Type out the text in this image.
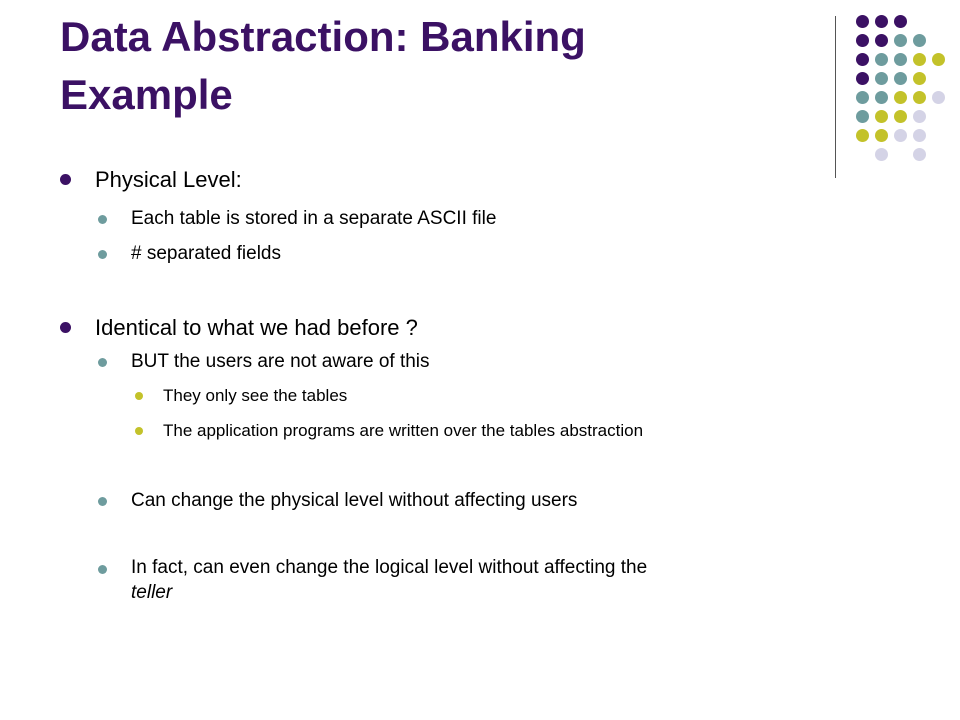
Data Abstraction: Banking
Example
Physical Level:
Each table is stored in a separate ASCII file
# separated fields
Identical to what we had before ?
BUT the users are not aware of this
They only see the tables
The application programs are written over the tables abstraction
Can change the physical level without affecting users
In fact, can even change the logical level without affecting the
teller
